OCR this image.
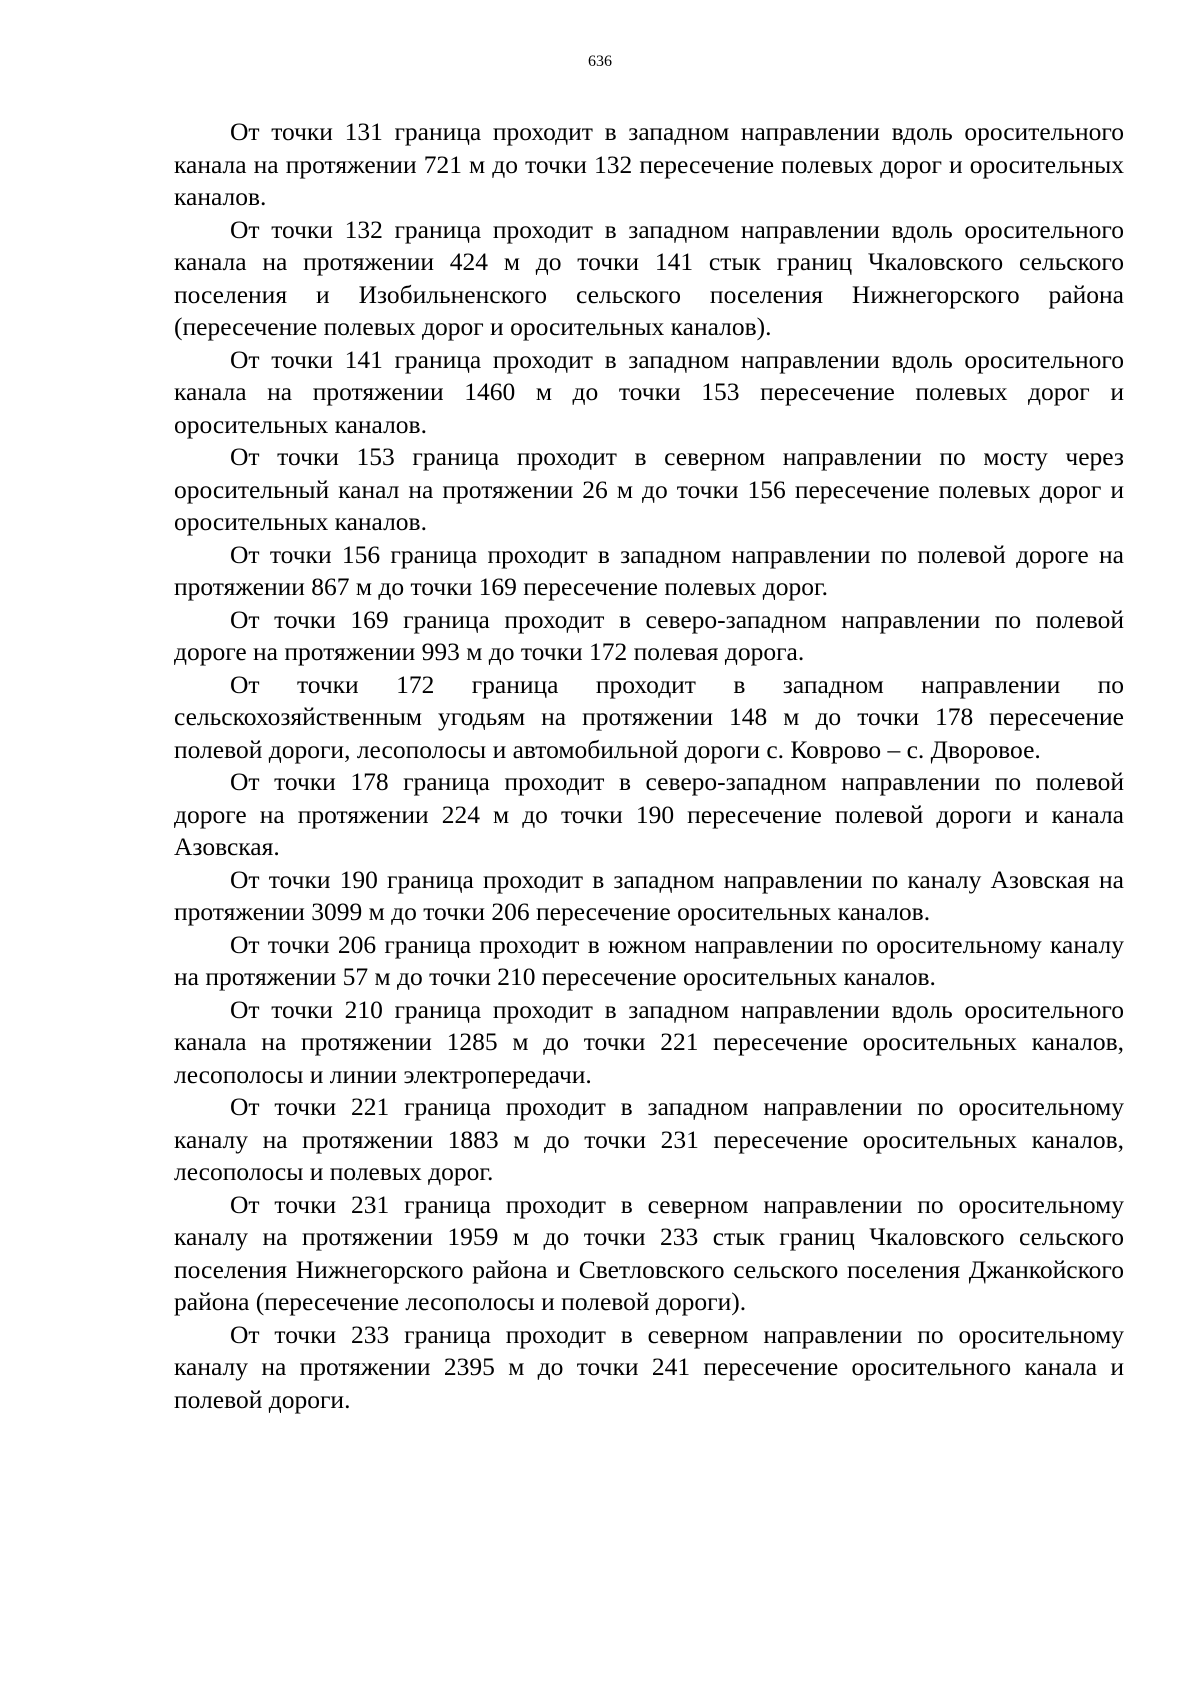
636

От точки 131 граница проходит в западном направлении вдоль оросительного канала на протяжении 721 м до точки 132 пересечение полевых дорог и оросительных каналов.

От точки 132 граница проходит в западном направлении вдоль оросительного канала на протяжении 424 м до точки 141 стык границ Чкаловского сельского поселения и Изобильненского сельского поселения Нижнегорского района (пересечение полевых дорог и оросительных каналов).

От точки 141 граница проходит в западном направлении вдоль оросительного канала на протяжении 1460 м до точки 153 пересечение полевых дорог и оросительных каналов.

От точки 153 граница проходит в северном направлении по мосту через оросительный канал на протяжении 26 м до точки 156 пересечение полевых дорог и оросительных каналов.

От точки 156 граница проходит в западном направлении по полевой дороге на протяжении 867 м до точки 169 пересечение полевых дорог.

От точки 169 граница проходит в северо-западном направлении по полевой дороге на протяжении 993 м до точки 172 полевая дорога.

От точки 172 граница проходит в западном направлении по сельскохозяйственным угодьям на протяжении 148 м до точки 178 пересечение полевой дороги, лесополосы и автомобильной дороги с. Коврово – с. Дворовое.

От точки 178 граница проходит в северо-западном направлении по полевой дороге на протяжении 224 м до точки 190 пересечение полевой дороги и канала Азовская.

От точки 190 граница проходит в западном направлении по каналу Азовская на протяжении 3099 м до точки 206 пересечение оросительных каналов.

От точки 206 граница проходит в южном направлении по оросительному каналу на протяжении 57 м до точки 210 пересечение оросительных каналов.

От точки 210 граница проходит в западном направлении вдоль оросительного канала на протяжении 1285 м до точки 221 пересечение оросительных каналов, лесополосы и линии электропередачи.

От точки 221 граница проходит в западном направлении по оросительному каналу на протяжении 1883 м до точки 231 пересечение оросительных каналов, лесополосы и полевых дорог.

От точки 231 граница проходит в северном направлении по оросительному каналу на протяжении 1959 м до точки 233 стык границ Чкаловского сельского поселения Нижнегорского района и Светловского сельского поселения Джанкойского района (пересечение лесополосы и полевой дороги).

От точки 233 граница проходит в северном направлении по оросительному каналу на протяжении 2395 м до точки 241 пересечение оросительного канала и полевой дороги.
